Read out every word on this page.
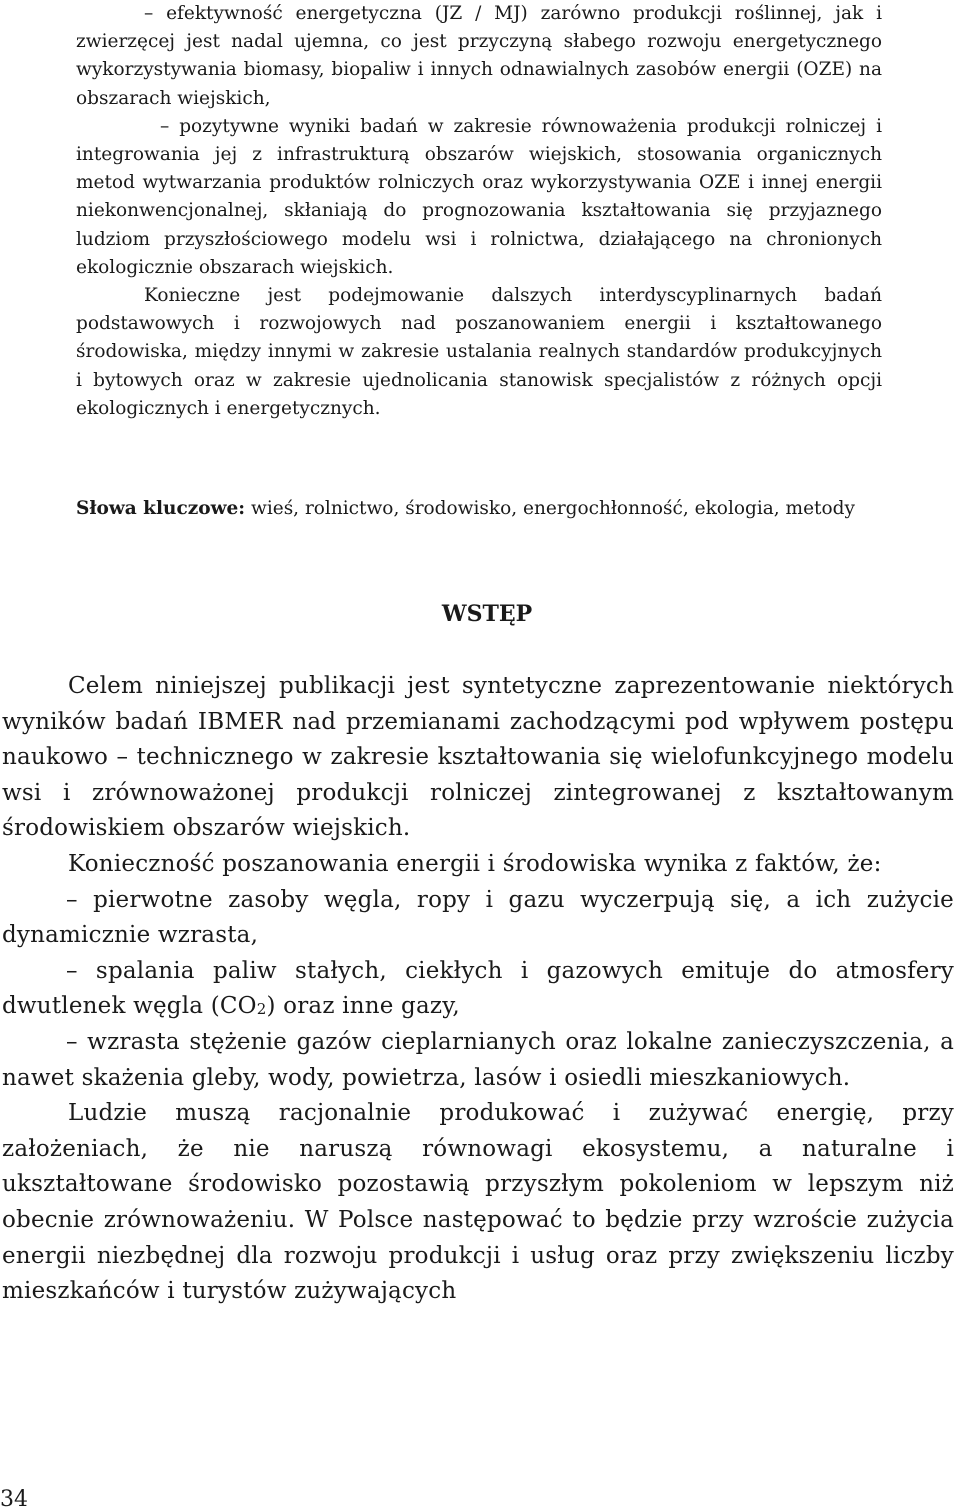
– efektywność energetyczna (JZ / MJ) zarówno produkcji roślinnej, jak i zwierzęcej jest nadal ujemna, co jest przyczyną słabego rozwoju energetycznego wykorzystywania biomasy, biopaliw i innych odnawialnych zasobów energii (OZE) na obszarach wiejskich,

– pozytywne wyniki badań w zakresie równoważenia produkcji rolniczej i integrowania jej z infrastrukturą obszarów wiejskich, stosowania organicznych metod wytwarzania produktów rolniczych oraz wykorzystywania OZE i innej energii niekonwencjonalnej, skłaniają do prognozowania kształtowania się przyjaznego ludziom przyszłościowego modelu wsi i rolnictwa, działającego na chronionych ekologicznie obszarach wiejskich.

Konieczne jest podejmowanie dalszych interdyscyplinarnych badań podstawowych i rozwojowych nad poszanowaniem energii i kształtowanego środowiska, między innymi w zakresie ustalania realnych standardów produkcyjnych i bytowych oraz w zakresie ujednolicania stanowisk specjalistów z różnych opcji ekologicznych i energetycznych.

Słowa kluczowe: wieś, rolnictwo, środowisko, energochłonność, ekologia, metody

WSTĘP

Celem niniejszej publikacji jest syntetyczne zaprezentowanie niektórych wyników badań IBMER nad przemianami zachodzącymi pod wpływem postępu naukowo – technicznego w zakresie kształtowania się wielofunkcyjnego modelu wsi i zrównoważonej produkcji rolniczej zintegrowanej z kształtowanym środowiskiem obszarów wiejskich.

Konieczność poszanowania energii i środowiska wynika z faktów, że:

– pierwotne zasoby węgla, ropy i gazu wyczerpują się, a ich zużycie dynamicznie wzrasta,

– spalania paliw stałych, ciekłych i gazowych emituje do atmosfery dwutlenek węgla $(CO_2)$ oraz inne gazy,

– wzrasta stężenie gazów cieplarnianych oraz lokalne zanieczyszczenia, a nawet skażenia gleby, wody, powietrza, lasów i osiedli mieszkaniowych.

Ludzie muszą racjonalnie produkować i zużywać energię, przy założeniach, że nie naruszą równowagi ekosystemu, a naturalne i ukształtowane środowisko pozostawią przyszłym pokoleniom w lepszym niż obecnie zrównoważeniu. W Polsce następować to będzie przy wzroście zużycia energii niezbędnej dla rozwoju produkcji i usług oraz przy zwiększeniu liczby mieszkańców i turystów zużywających

34
